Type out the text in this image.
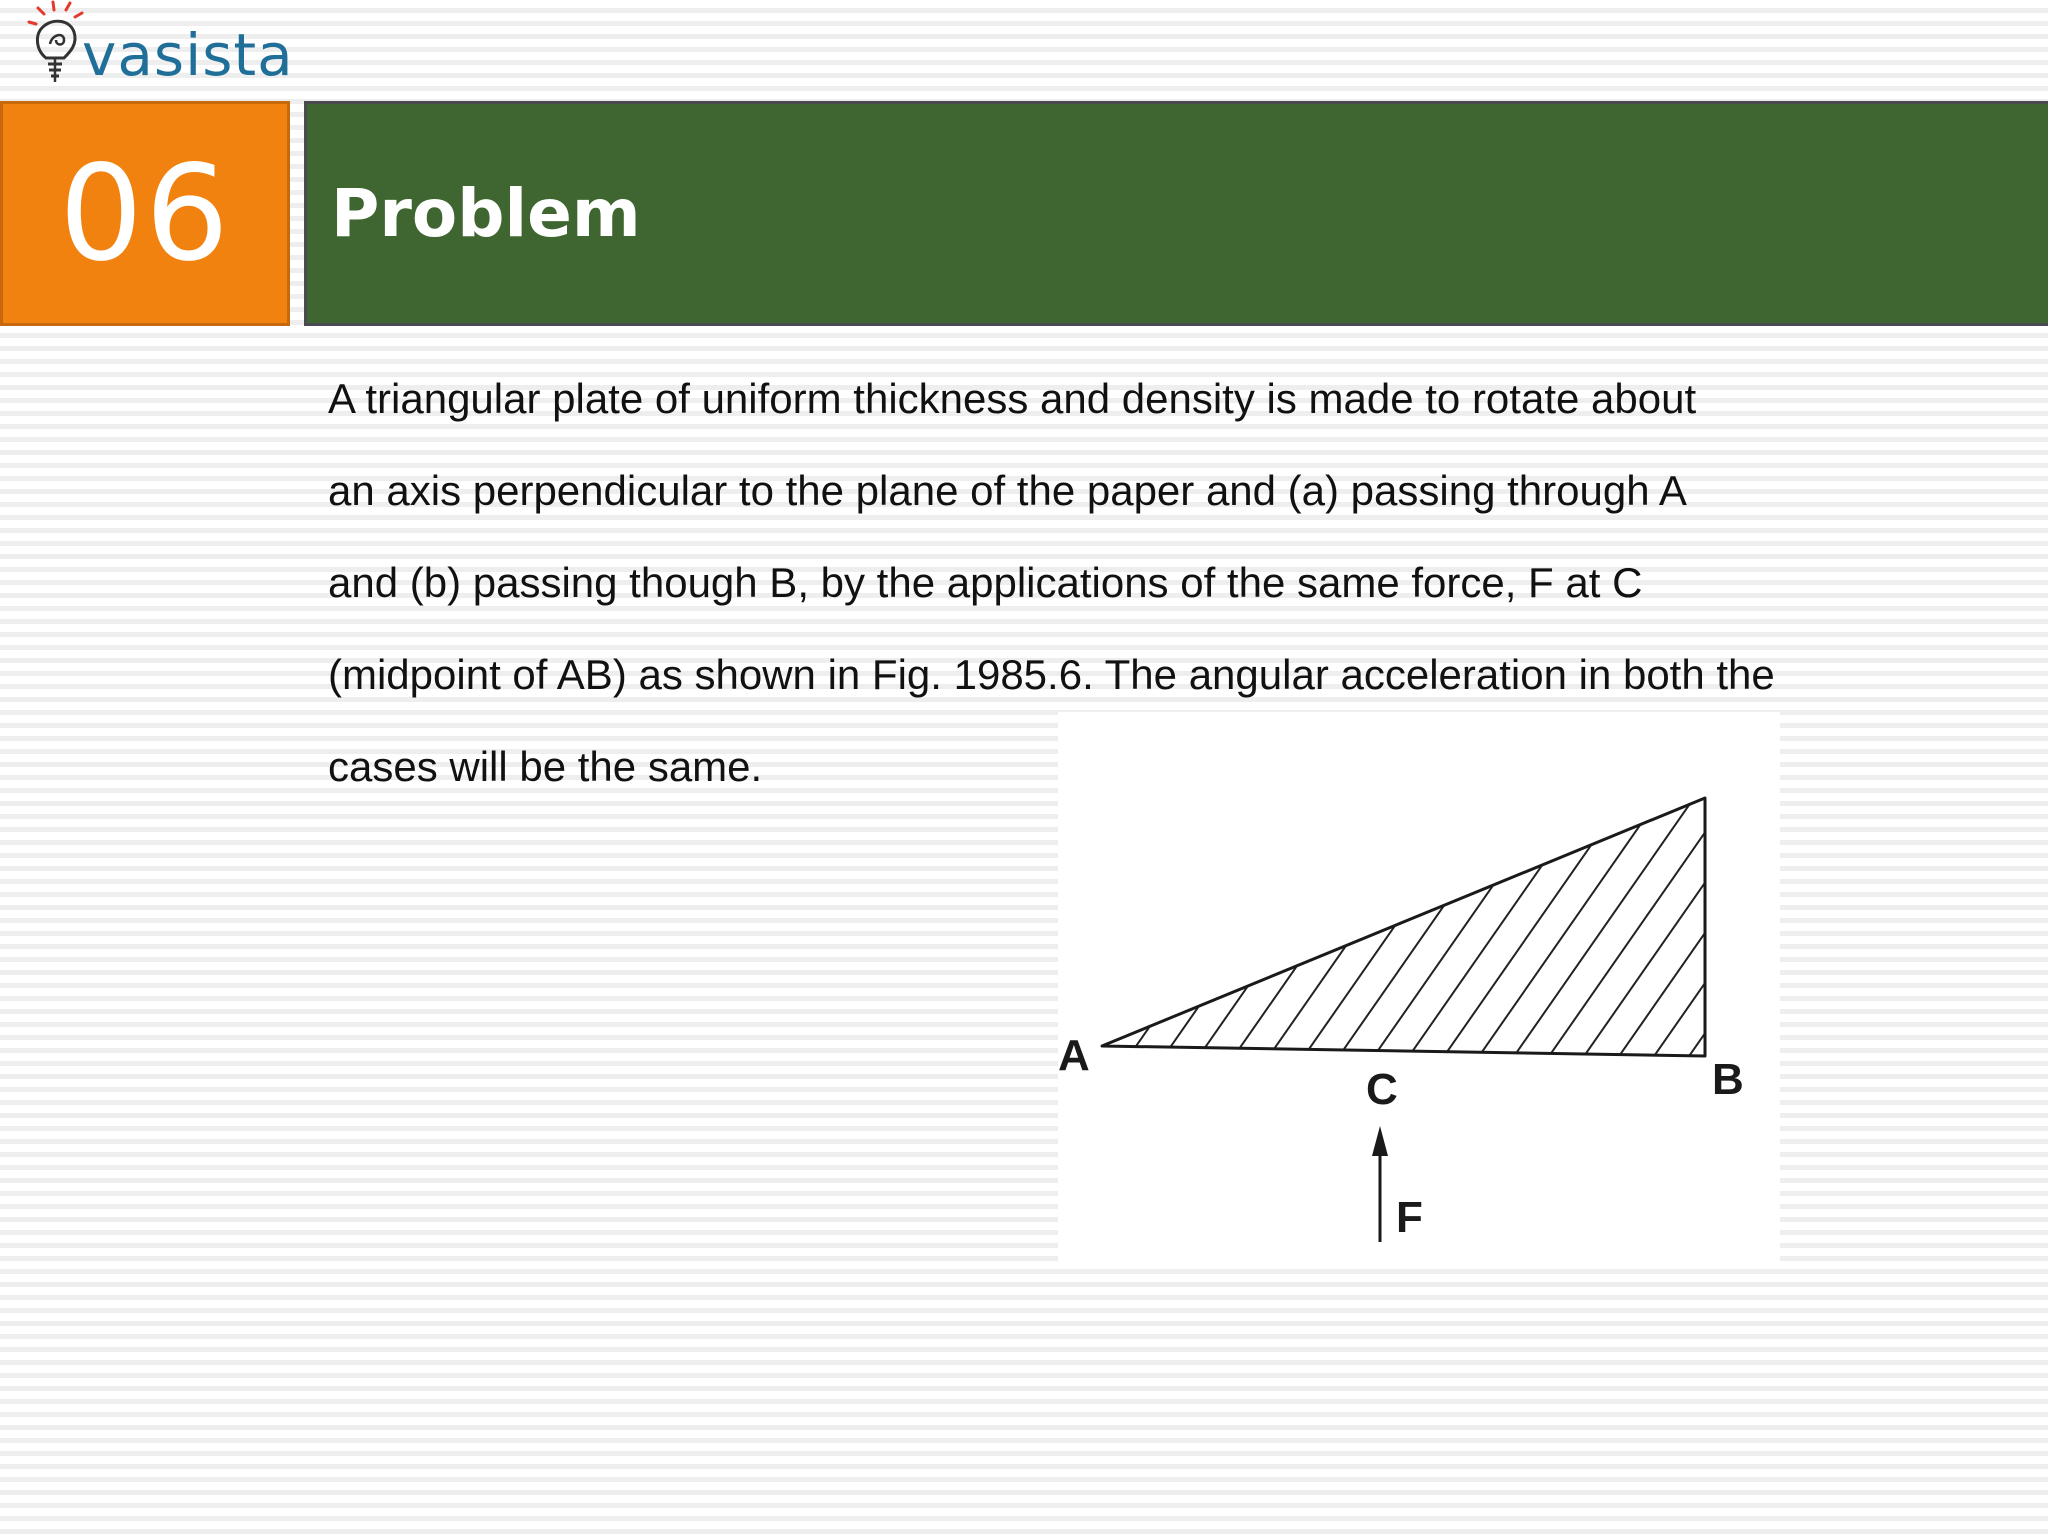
vasista
06 Problem

A triangular plate of uniform thickness and density is made to rotate about
an axis perpendicular to the plane of the paper and (a) passing through A
and (b) passing though B, by the applications of the same force, F at C
(midpoint of AB) as shown in Fig. 1985.6. The angular acceleration in both the
cases will be the same.

A	B
C
F
